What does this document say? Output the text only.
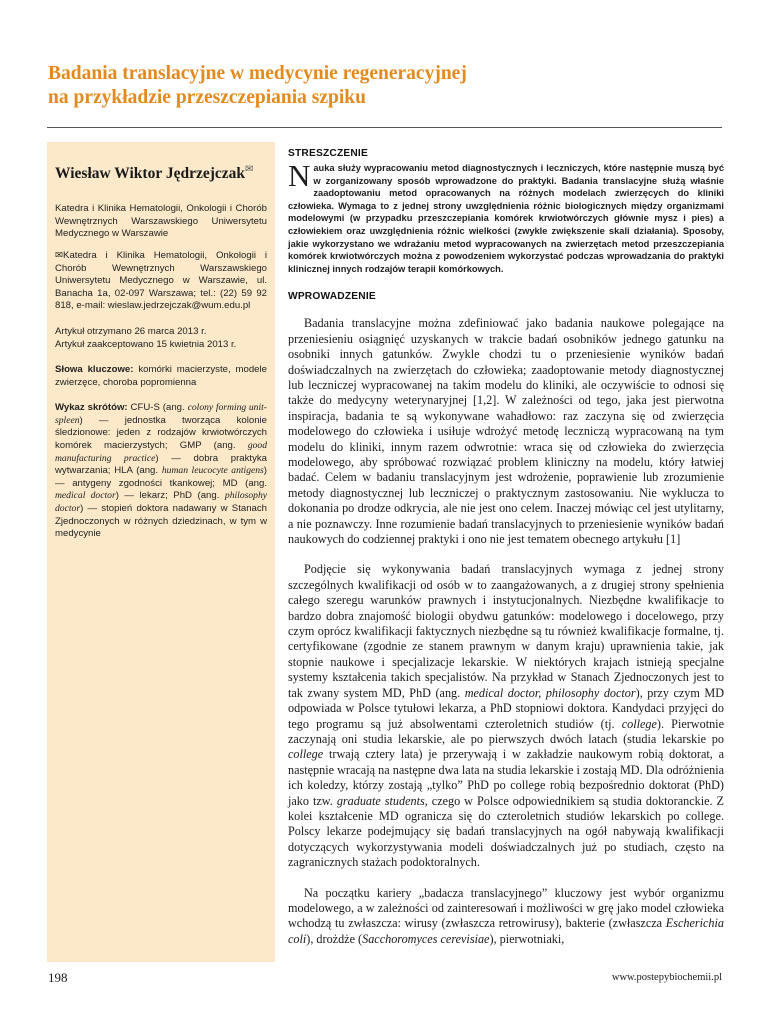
Badania translacyjne w medycynie regeneracyjnej
na przykładzie przeszczepiania szpiku
Wiesław Wiktor Jędrzejczak✉

Katedra i Klinika Hematologii, Onkologii i Chorób Wewnętrznych Warszawskiego Uniwersytetu Medycznego w Warszawie

✉Katedra i Klinika Hematologii, Onkologii i Chorób Wewnętrznych Warszawskiego Uniwersytetu Medycznego w Warszawie, ul. Banacha 1a, 02-097 Warszawa; tel.: (22) 59 92 818, e-mail: wieslaw.jedrzejczak@wum.edu.pl

Artykuł otrzymano 26 marca 2013 r.
Artykuł zaakceptowano 15 kwietnia 2013 r.

Słowa kluczowe: komórki macierzyste, modele zwierzęce, choroba popromienna

Wykaz skrótów: CFU-S (ang. colony forming unit-spleen) — jednostka tworząca kolonie śledzionowe: jeden z rodzajów krwiotwórczych komórek macierzystych; GMP (ang. good manufacturing practice) — dobra praktyka wytwarzania; HLA (ang. human leucocyte antigens) — antygeny zgodności tkankowej; MD (ang. medical doctor) — lekarz; PhD (ang. philosophy doctor) — stopień doktora nadawany w Stanach Zjednoczonych w różnych dziedzinach, w tym w medycynie

STRESZCZENIE
Nauka służy wypracowaniu metod diagnostycznych i leczniczych, które następnie muszą być w zorganizowany sposób wprowadzone do praktyki. Badania translacyjne służą właśnie zaadoptowaniu metod opracowanych na różnych modelach zwierzęcych do kliniki człowieka. Wymaga to z jednej strony uwzględnienia różnic biologicznych między organizmami modelowymi (w przypadku przeszczepiania komórek krwiotwórczych głównie mysz i pies) a człowiekiem oraz uwzględnienia różnic wielkości (zwykle zwiększenie skali działania). Sposoby, jakie wykorzystano we wdrażaniu metod wypracowanych na zwierzętach metod przeszczepiania komórek krwiotwórczych można z powodzeniem wykorzystać podczas wprowadzania do praktyki klinicznej innych rodzajów terapii komórkowych.
WPROWADZENIE

Badania translacyjne można zdefiniować jako badania naukowe polegające na przeniesieniu osiągnięć uzyskanych w trakcie badań osobników jednego gatunku na osobniki innych gatunków. Zwykle chodzi tu o przeniesienie wyników badań doświadczalnych na zwierzętach do człowieka; zaadoptowanie metody diagnostycznej lub leczniczej wypracowanej na takim modelu do kliniki, ale oczywiście to odnosi się także do medycyny weterynaryjnej [1,2]. W zależności od tego, jaka jest pierwotna inspiracja, badania te są wykonywane wahadłowo: raz zaczyna się od zwierzęcia modelowego do człowieka i usiłuje wdrożyć metodę leczniczą wypracowaną na tym modelu do kliniki, innym razem odwrotnie: wraca się od człowieka do zwierzęcia modelowego, aby spróbować rozwiązać problem kliniczny na modelu, który łatwiej badać. Celem w badaniu translacyjnym jest wdrożenie, poprawienie lub zrozumienie metody diagnostycznej lub leczniczej o praktycznym zastosowaniu. Nie wyklucza to dokonania po drodze odkrycia, ale nie jest ono celem. Inaczej mówiąc cel jest utylitarny, a nie poznawczy. Inne rozumienie badań translacyjnych to przeniesienie wyników badań naukowych do codziennej praktyki i ono nie jest tematem obecnego artykułu [1]

Podjęcie się wykonywania badań translacyjnych wymaga z jednej strony szczególnych kwalifikacji od osób w to zaangażowanych, a z drugiej strony spełnienia całego szeregu warunków prawnych i instytucjonalnych. Niezbędne kwalifikacje to bardzo dobra znajomość biologii obydwu gatunków: modelowego i docelowego, przy czym oprócz kwalifikacji faktycznych niezbędne są tu również kwalifikacje formalne, tj. certyfikowane (zgodnie ze stanem prawnym w danym kraju) uprawnienia takie, jak stopnie naukowe i specjalizacje lekarskie. W niektórych krajach istnieją specjalne systemy kształcenia takich specjalistów. Na przykład w Stanach Zjednoczonych jest to tak zwany system MD, PhD (ang. medical doctor, philosophy doctor), przy czym MD odpowiada w Polsce tytułowi lekarza, a PhD stopniowi doktora. Kandydaci przyjęci do tego programu są już absolwentami czteroletnich studiów (tj. college). Pierwotnie zaczynają oni studia lekarskie, ale po pierwszych dwóch latach (studia lekarskie po college trwają cztery lata) je przerywają i w zakładzie naukowym robią doktorat, a następnie wracają na następne dwa lata na studia lekarskie i zostają MD. Dla odróżnienia ich koledzy, którzy zostają „tylko” PhD po college robią bezpośrednio doktorat (PhD) jako tzw. graduate students, czego w Polsce odpowiednikiem są studia doktoranckie. Z kolei kształcenie MD ogranicza się do czteroletnich studiów lekarskich po college. Polscy lekarze podejmujący się badań translacyjnych na ogół nabywają kwalifikacji dotyczących wykorzystywania modeli doświadczalnych już po studiach, często na zagranicznych stażach podoktoralnych.

Na początku kariery „badacza translacyjnego” kluczowy jest wybór organizmu modelowego, a w zależności od zainteresowań i możliwości w grę jako model człowieka wchodzą tu zwłaszcza: wirusy (zwłaszcza retrowirusy), bakterie (zwłaszcza Escherichia coli), drożdże (Sacchoromyces cerevisiae), pierwotniaki,

198	www.postepybiochemii.pl
